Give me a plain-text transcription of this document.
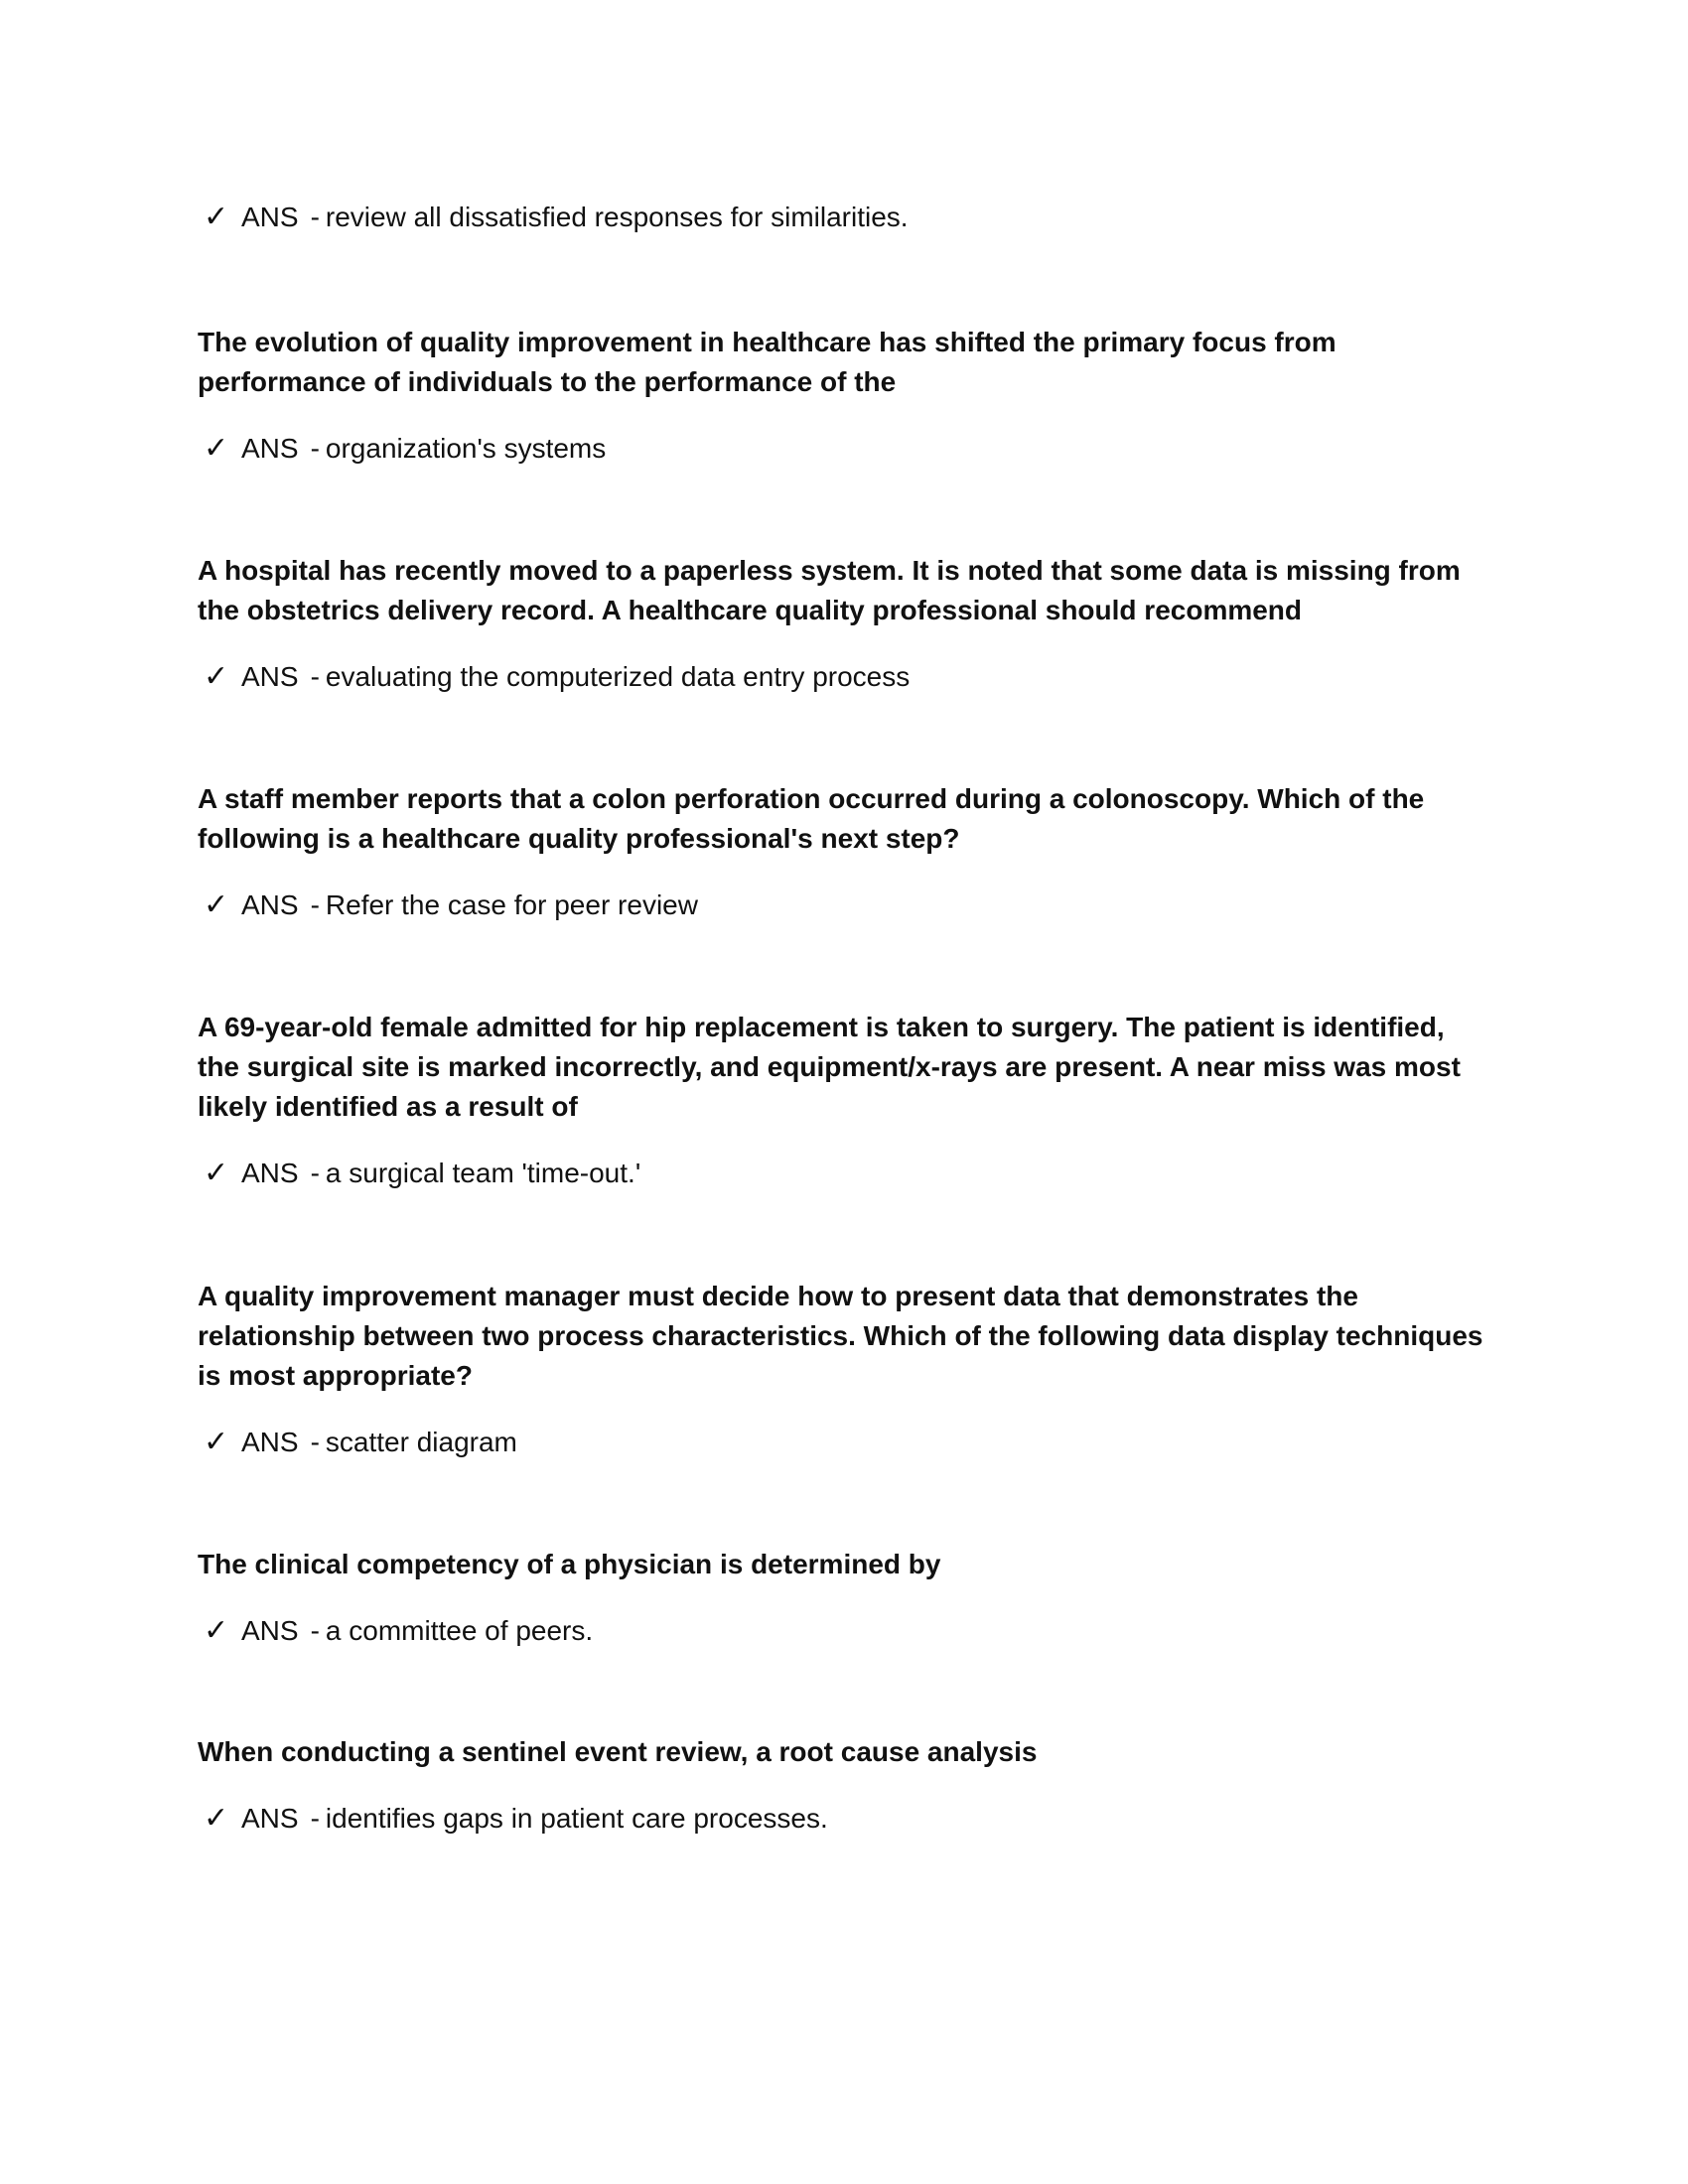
✓ ANS - review all dissatisfied responses for similarities.

The evolution of quality improvement in healthcare has shifted the primary focus from performance of individuals to the performance of the

✓ ANS - organization's systems

A hospital has recently moved to a paperless system. It is noted that some data is missing from the obstetrics delivery record. A healthcare quality professional should recommend

✓ ANS - evaluating the computerized data entry process

A staff member reports that a colon perforation occurred during a colonoscopy. Which of the following is a healthcare quality professional's next step?

✓ ANS - Refer the case for peer review

A 69-year-old female admitted for hip replacement is taken to surgery. The patient is identified, the surgical site is marked incorrectly, and equipment/x-rays are present. A near miss was most likely identified as a result of

✓ ANS - a surgical team 'time-out.'

A quality improvement manager must decide how to present data that demonstrates the relationship between two process characteristics. Which of the following data display techniques is most appropriate?

✓ ANS - scatter diagram

The clinical competency of a physician is determined by

✓ ANS - a committee of peers.

When conducting a sentinel event review, a root cause analysis

✓ ANS - identifies gaps in patient care processes.
